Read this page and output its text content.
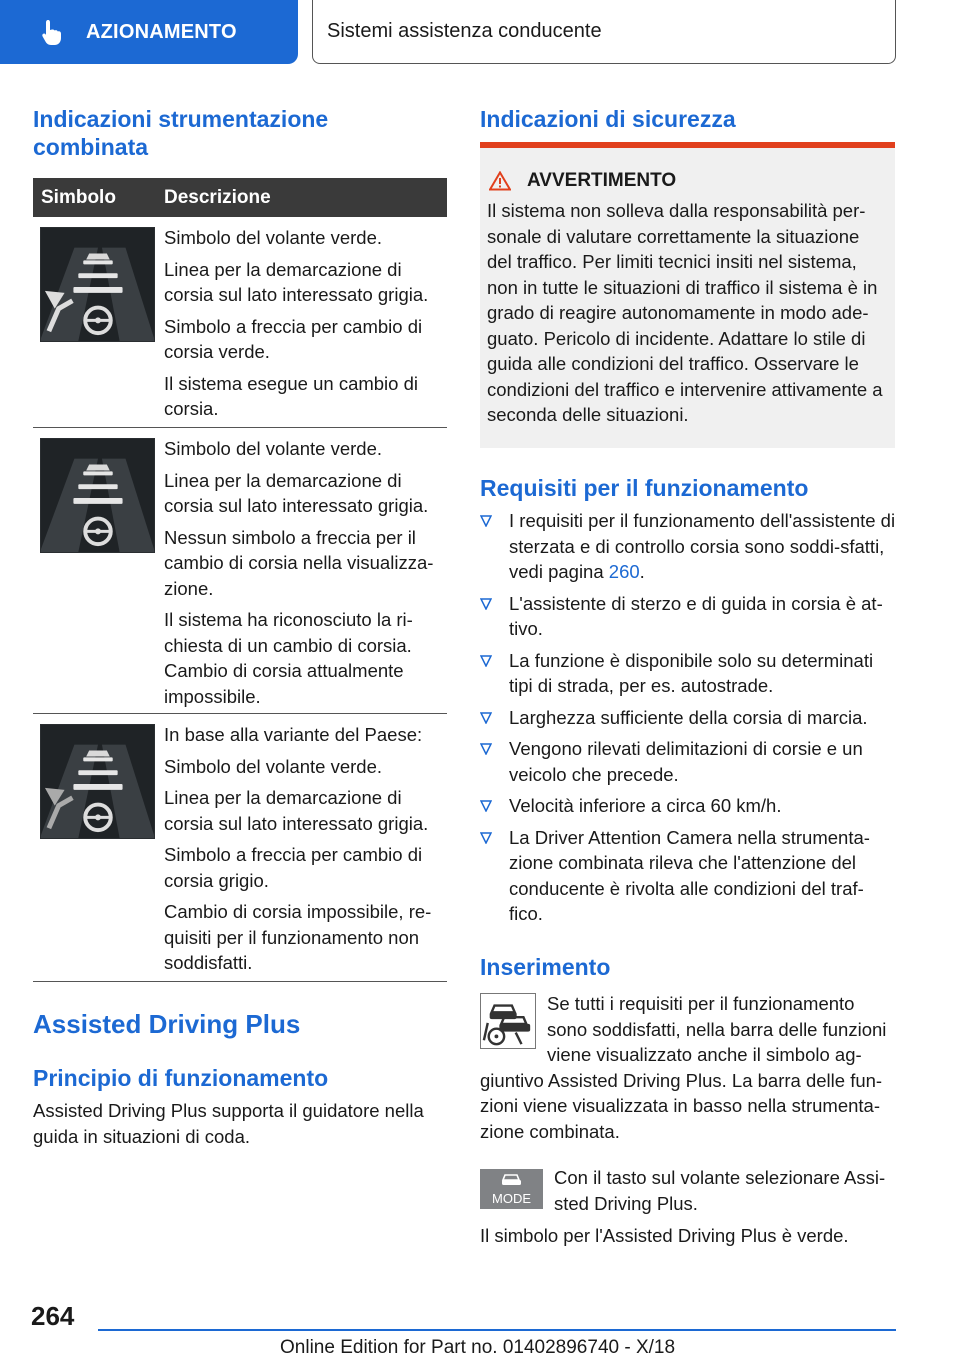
AZIONAMENTO	Sistemi assistenza conducente
Indicazioni strumentazione combinata
Simbolo	Descrizione

Simbolo del volante verde.

Linea per la demarcazione di corsia sul lato interessato grigia.

Simbolo a freccia per cambio di corsia verde.

Il sistema esegue un cambio di corsia.

Simbolo del volante verde.

Linea per la demarcazione di corsia sul lato interessato grigia.

Nessun simbolo a freccia per il cambio di corsia nella visualizza-zione.

Il sistema ha riconosciuto la ri-chiesta di un cambio di corsia. Cambio di corsia attualmente impossibile.

In base alla variante del Paese:

Simbolo del volante verde.

Linea per la demarcazione di corsia sul lato interessato grigia.

Simbolo a freccia per cambio di corsia grigio.

Cambio di corsia impossibile, re-quisiti per il funzionamento non soddisfatti.

Assisted Driving Plus
Principio di funzionamento
Assisted Driving Plus supporta il guidatore nella guida in situazioni di coda.
Indicazioni di sicurezza
AVVERTIMENTO
Il sistema non solleva dalla responsabilità per-sonale di valutare correttamente la situazione del traffico. Per limiti tecnici insiti nel sistema, non in tutte le situazioni di traffico il sistema è in grado di reagire autonomamente in modo ade-guato. Pericolo di incidente. Adattare lo stile di guida alle condizioni del traffico. Osservare le condizioni del traffico e intervenire attivamente a seconda delle situazioni.
Requisiti per il funzionamento
I requisiti per il funzionamento dell'assistente di sterzata e di controllo corsia sono soddi-sfatti, vedi pagina 260.
L'assistente di sterzo e di guida in corsia è at-tivo.
La funzione è disponibile solo su determinati tipi di strada, per es. autostrade.
Larghezza sufficiente della corsia di marcia.
Vengono rilevati delimitazioni di corsie e un veicolo che precede.
Velocità inferiore a circa 60 km/h.
La Driver Attention Camera nella strumenta-zione combinata rileva che l'attenzione del conducente è rivolta alle condizioni del traf-fico.
Inserimento
Se tutti i requisiti per il funzionamento sono soddisfatti, nella barra delle funzioni viene visualizzato anche il simbolo ag-giuntivo Assisted Driving Plus. La barra delle fun-zioni viene visualizzata in basso nella strumenta-zione combinata.
MODE
Con il tasto sul volante selezionare Assi-sted Driving Plus.
Il simbolo per l'Assisted Driving Plus è verde.
264
Online Edition for Part no. 01402896740 - X/18
